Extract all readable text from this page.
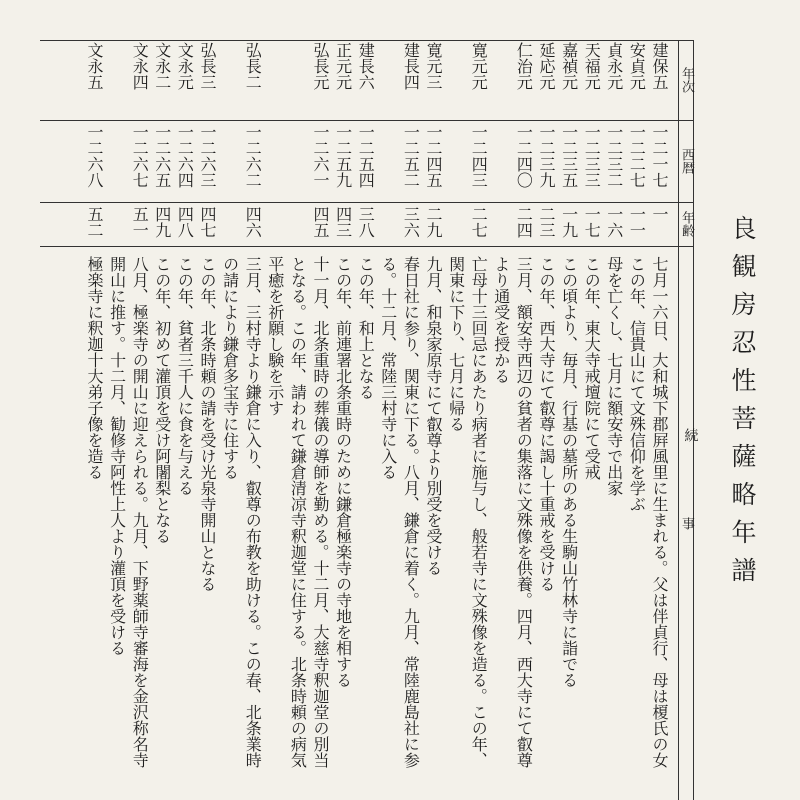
良観房忍性菩薩略年譜
年次
西暦
年齢
事
建保五
一二一七
一
七月一六日、大和城下郡屛風里に生まれる。父は伴貞行、母は榎氏の女
安貞元
一二二七
一一
この年、信貴山にて文殊信仰を学ぶ
貞永元
一二三二
一六
母を亡くし、七月に額安寺で出家
天福元
一二三三
一七
この年、東大寺戒壇院にて受戒
嘉禎元
一二三五
一九
この頃より、毎月、行基の墓所のある生駒山竹林寺に詣でる
延応元
一二三九
二三
この年、西大寺にて叡尊に謁し十重戒を受ける
仁治元
一二四〇
二四
三月、額安寺西辺の貧者の集落に文殊像を供養。四月、西大寺にて叡尊
より通受を授かる
寛元元
一二四三
二七
亡母十三回忌にあたり病者に施与し、般若寺に文殊像を造る。この年、
関東に下り、七月に帰る
寛元三
一二四五
二九
九月、和泉家原寺にて叡尊より別受を受ける
建長四
一二五二
三六
春日社に参り、関東に下る。八月、鎌倉に着く。九月、常陸鹿島社に参
る。十二月、常陸三村寺に入る
建長六
一二五四
三八
この年、和上となる
正元元
一二五九
四三
この年、前連署北条重時のために鎌倉極楽寺の寺地を相する
弘長元
一二六一
四五
十一月、北条重時の葬儀の導師を勤める。十二月、大慈寺釈迦堂の別当
となる。この年、請われて鎌倉清凉寺釈迦堂に住する。北条時頼の病気
平癒を祈願し験を示す
弘長二
一二六二
四六
三月、三村寺より鎌倉に入り、叡尊の布教を助ける。この春、北条業時
の請により鎌倉多宝寺に住する
弘長三
一二六三
四七
この年、北条時頼の請を受け光泉寺開山となる
文永元
一二六四
四八
この年、貧者三千人に食を与える
文永二
一二六五
四九
この年、初めて灌頂を受け阿闍梨となる
文永四
一二六七
五一
八月、極楽寺の開山に迎えられる。九月、下野薬師寺審海を金沢称名寺
開山に推す。十二月、勧修寺阿性上人より灌頂を受ける
文永五
一二六八
五二
極楽寺に釈迦十大弟子像を造る	続
